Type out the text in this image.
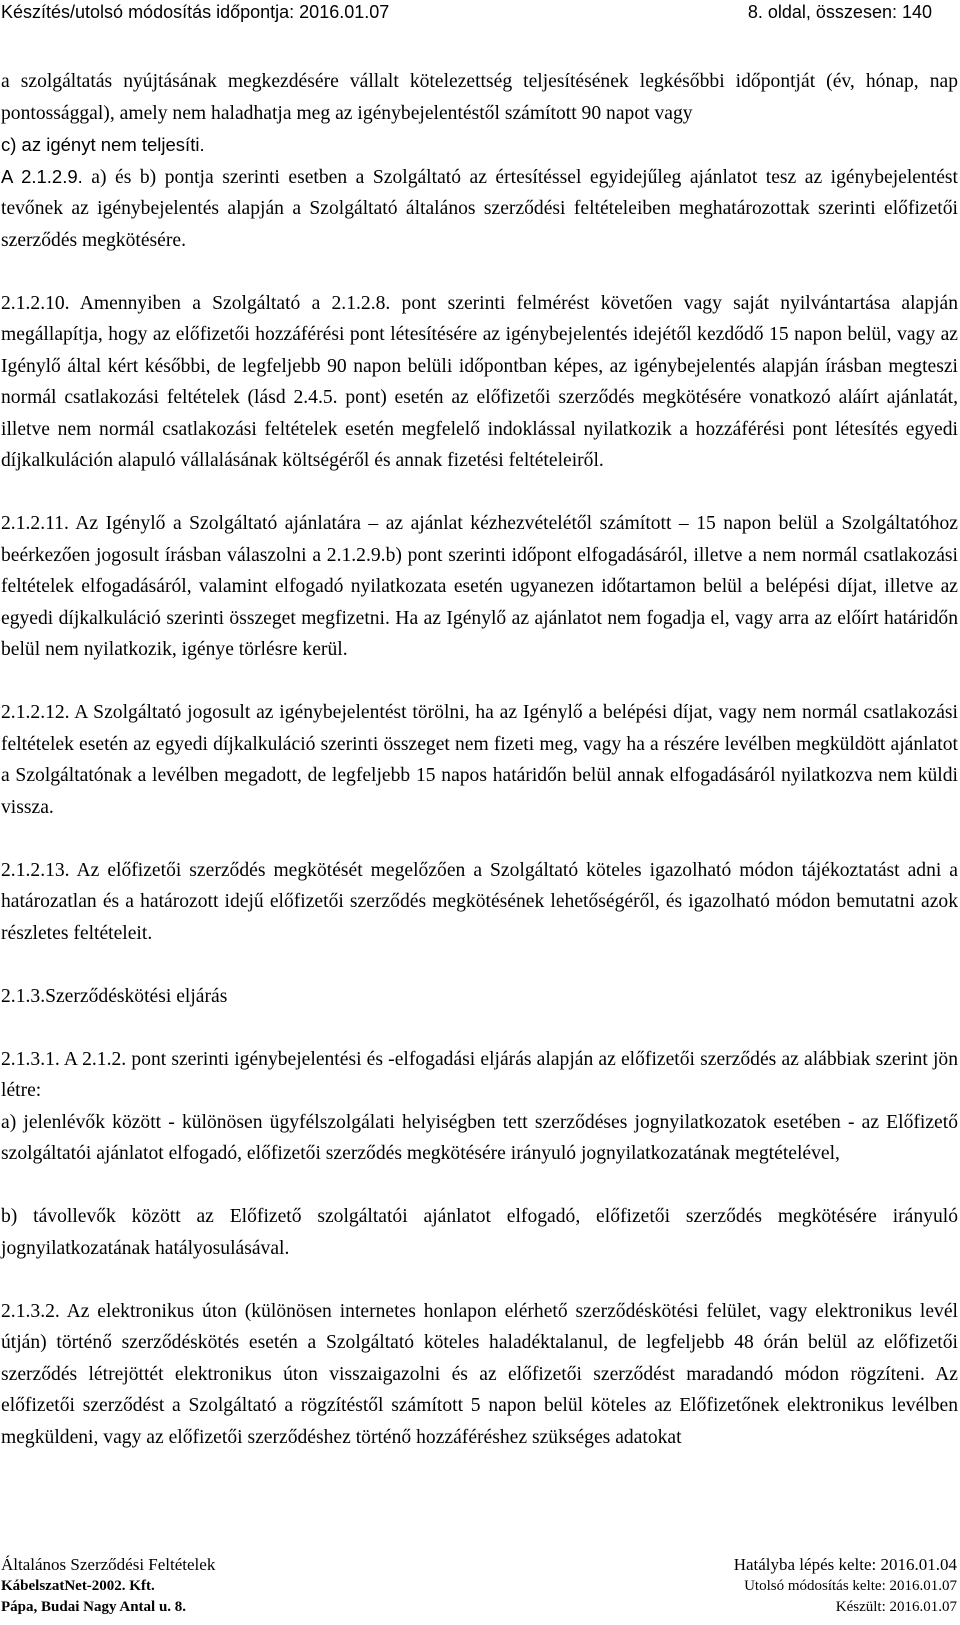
Készítés/utolsó módosítás időpontja: 2016.01.07	8. oldal, összesen: 140

a szolgáltatás nyújtásának megkezdésére vállalt kötelezettség teljesítésének legkésőbbi időpontját (év, hónap, nap pontossággal), amely nem haladhatja meg az igénybejelentéstől számított 90 napot vagy

c) az igényt nem teljesíti.

A 2.1.2.9. a) és b) pontja szerinti esetben a Szolgáltató az értesítéssel egyidejűleg ajánlatot tesz az igénybejelentést tevőnek az igénybejelentés alapján a Szolgáltató általános szerződési feltételeiben meghatározottak szerinti előfizetői szerződés megkötésére.

2.1.2.10. Amennyiben a Szolgáltató a 2.1.2.8. pont szerinti felmérést követően vagy saját nyilvántartása alapján megállapítja, hogy az előfizetői hozzáférési pont létesítésére az igénybejelentés idejétől kezdődő 15 napon belül, vagy az Igénylő által kért későbbi, de legfeljebb 90 napon belüli időpontban képes, az igénybejelentés alapján írásban megteszi normál csatlakozási feltételek (lásd 2.4.5. pont) esetén az előfizetői szerződés megkötésére vonatkozó aláírt ajánlatát, illetve nem normál csatlakozási feltételek esetén megfelelő indoklással nyilatkozik a hozzáférési pont létesítés egyedi díjkalkuláción alapuló vállalásának költségéről és annak fizetési feltételeiről.

2.1.2.11. Az Igénylő a Szolgáltató ajánlatára – az ajánlat kézhezvételétől számított – 15 napon belül a Szolgáltatóhoz beérkezően jogosult írásban válaszolni a 2.1.2.9.b) pont szerinti időpont elfogadásáról, illetve a nem normál csatlakozási feltételek elfogadásáról, valamint elfogadó nyilatkozata esetén ugyanezen időtartamon belül a belépési díjat, illetve az egyedi díjkalkuláció szerinti összeget megfizetni. Ha az Igénylő az ajánlatot nem fogadja el, vagy arra az előírt határidőn belül nem nyilatkozik, igénye törlésre kerül.

2.1.2.12. A Szolgáltató jogosult az igénybejelentést törölni, ha az Igénylő a belépési díjat, vagy nem normál csatlakozási feltételek esetén az egyedi díjkalkuláció szerinti összeget nem fizeti meg, vagy ha a részére levélben megküldött ajánlatot a Szolgáltatónak a levélben megadott, de legfeljebb 15 napos határidőn belül annak elfogadásáról nyilatkozva nem küldi vissza.

2.1.2.13. Az előfizetői szerződés megkötését megelőzően a Szolgáltató köteles igazolható módon tájékoztatást adni a határozatlan és a határozott idejű előfizetői szerződés megkötésének lehetőségéről, és igazolható módon bemutatni azok részletes feltételeit.

2.1.3.Szerződéskötési eljárás

2.1.3.1. A 2.1.2. pont szerinti igénybejelentési és -elfogadási eljárás alapján az előfizetői szerződés az alábbiak szerint jön létre:

a) jelenlévők között - különösen ügyfélszolgálati helyiségben tett szerződéses jognyilatkozatok esetében - az Előfizető szolgáltatói ajánlatot elfogadó, előfizetői szerződés megkötésére irányuló jognyilatkozatának megtételével,

b) távollevők között az Előfizető szolgáltatói ajánlatot elfogadó, előfizetői szerződés megkötésére irányuló jognyilatkozatának hatályosulásával.

2.1.3.2. Az elektronikus úton (különösen internetes honlapon elérhető szerződéskötési felület, vagy elektronikus levél útján) történő szerződéskötés esetén a Szolgáltató köteles haladéktalanul, de legfeljebb 48 órán belül az előfizetői szerződés létrejöttét elektronikus úton visszaigazolni és az előfizetői szerződést maradandó módon rögzíteni. Az előfizetői szerződést a Szolgáltató a rögzítéstől számított 5 napon belül köteles az Előfizetőnek elektronikus levélben megküldeni, vagy az előfizetői szerződéshez történő hozzáféréshez szükséges adatokat

Általános Szerződési Feltételek	Hatályba lépés kelte: 2016.01.04
KábelszatNet-2002. Kft.	Utolsó módosítás kelte: 2016.01.07
Pápa, Budai Nagy Antal u. 8.	Készült: 2016.01.07
